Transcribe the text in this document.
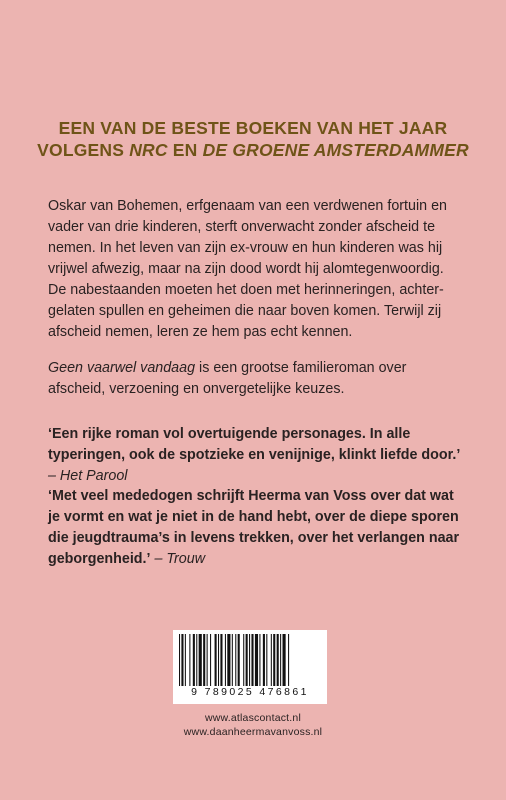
EEN VAN DE BESTE BOEKEN VAN HET JAAR
VOLGENS NRC EN DE GROENE AMSTERDAMMER

Oskar van Bohemen, erfgenaam van een verdwenen fortuin en vader van drie kinderen, sterft onverwacht zonder afscheid te nemen. In het leven van zijn ex-vrouw en hun kinderen was hij vrijwel afwezig, maar na zijn dood wordt hij alomtegenwoordig. De nabestaanden moeten het doen met herinneringen, achter-gelaten spullen en geheimen die naar boven komen. Terwijl zij afscheid nemen, leren ze hem pas echt kennen.

Geen vaarwel vandaag is een grootse familieroman over afscheid, verzoening en onvergetelijke keuzes.

‘Een rijke roman vol overtuigende personages. In alle typeringen, ook de spotzieke en venijnige, klinkt liefde door.’ – Het Parool

‘Met veel mededogen schrijft Heerma van Voss over dat wat je vormt en wat je niet in de hand hebt, over de diepe sporen die jeugdtrauma’s in levens trekken, over het verlangen naar geborgenheid.’ – Trouw

9 789025 476861
www.atlascontact.nl
www.daanheermavanvoss.nl
